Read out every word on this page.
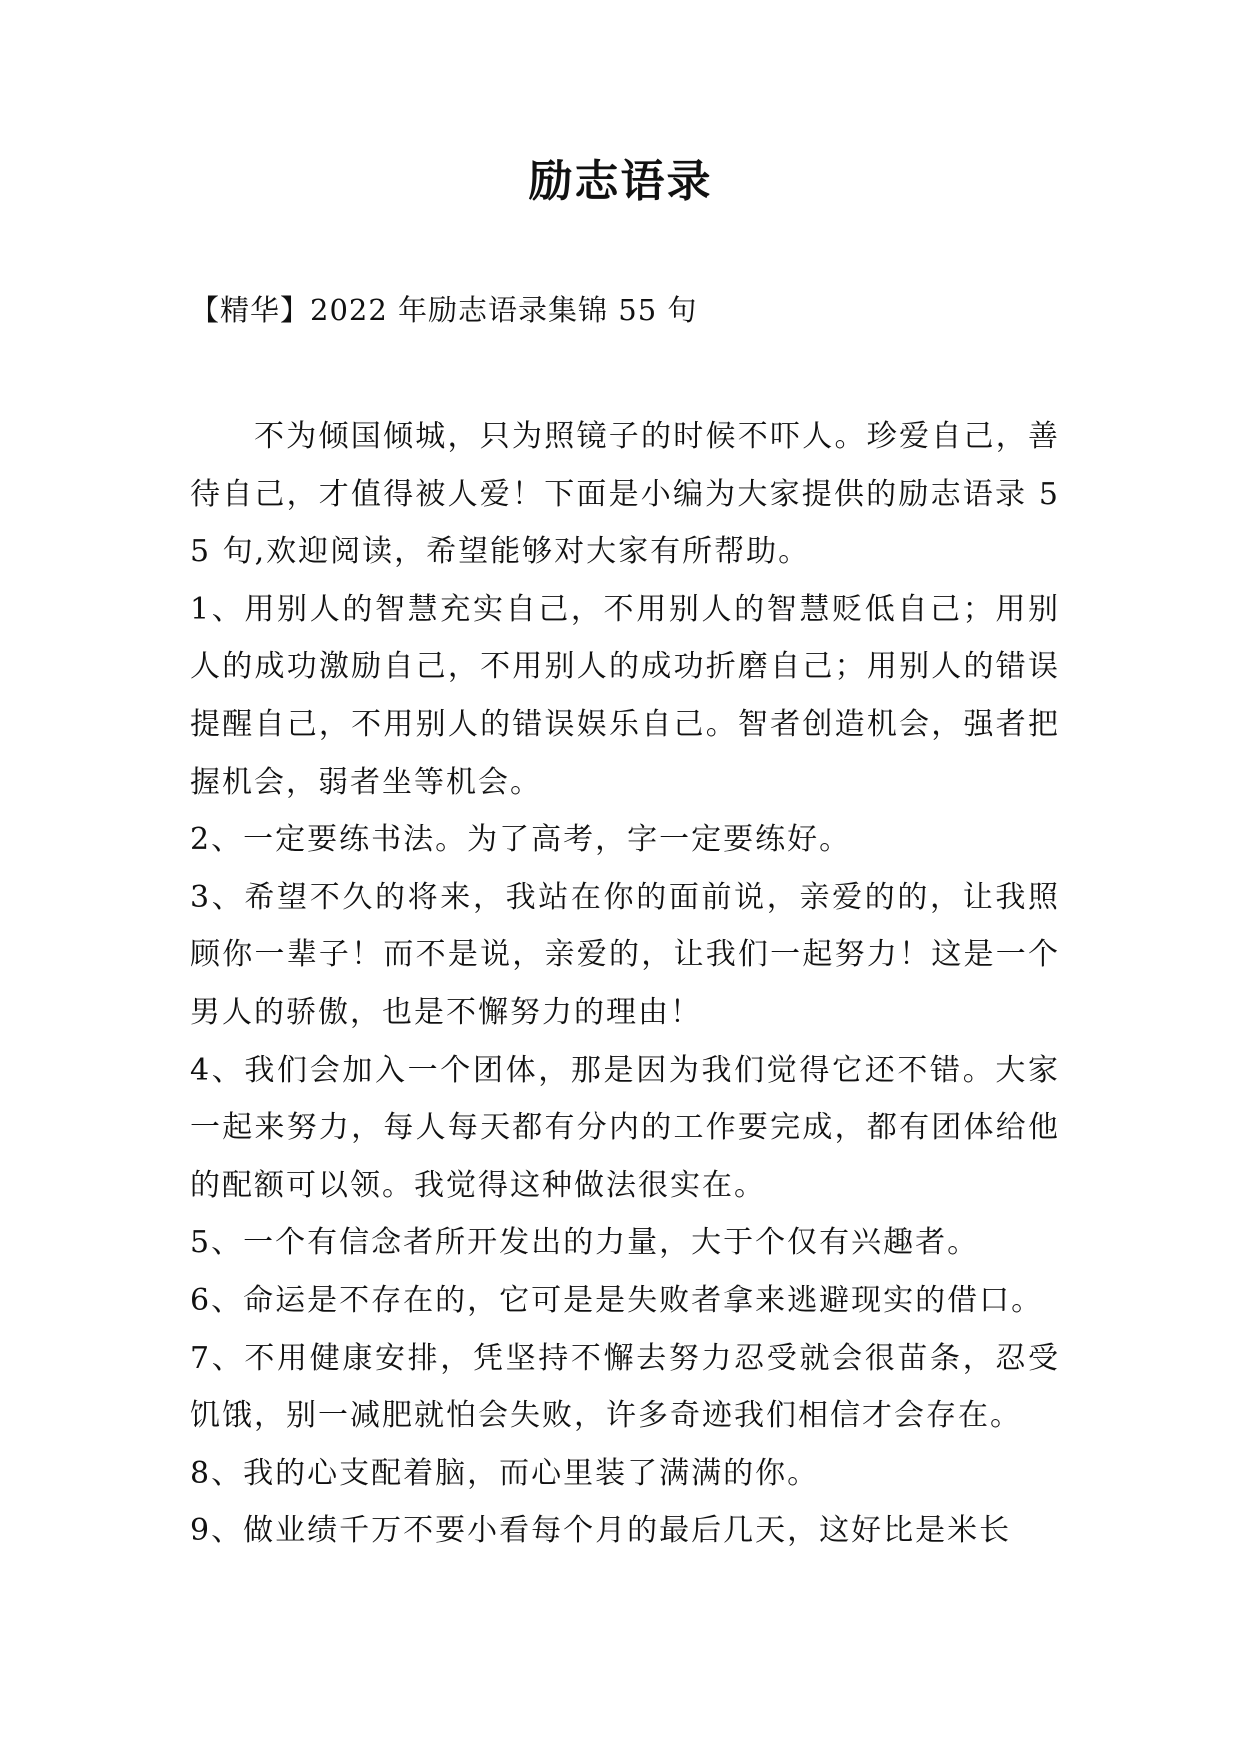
励志语录
【精华】2022 年励志语录集锦 55 句

不为倾国倾城，只为照镜子的时候不吓人。珍爱自己，善待自己，才值得被人爱！下面是小编为大家提供的励志语录 55 句,欢迎阅读，希望能够对大家有所帮助。

1、用别人的智慧充实自己，不用别人的智慧贬低自己；用别人的成功激励自己，不用别人的成功折磨自己；用别人的错误提醒自己，不用别人的错误娱乐自己。智者创造机会，强者把握机会，弱者坐等机会。

2、一定要练书法。为了高考，字一定要练好。

3、希望不久的将来，我站在你的面前说，亲爱的的，让我照顾你一辈子！而不是说，亲爱的，让我们一起努力！这是一个男人的骄傲，也是不懈努力的理由！

4、我们会加入一个团体，那是因为我们觉得它还不错。大家一起来努力，每人每天都有分内的工作要完成，都有团体给他的配额可以领。我觉得这种做法很实在。

5、一个有信念者所开发出的力量，大于个仅有兴趣者。

6、命运是不存在的，它可是是失败者拿来逃避现实的借口。

7、不用健康安排，凭坚持不懈去努力忍受就会很苗条，忍受饥饿，别一减肥就怕会失败，许多奇迹我们相信才会存在。

8、我的心支配着脑，而心里装了满满的你。

9、做业绩千万不要小看每个月的最后几天，这好比是米长
